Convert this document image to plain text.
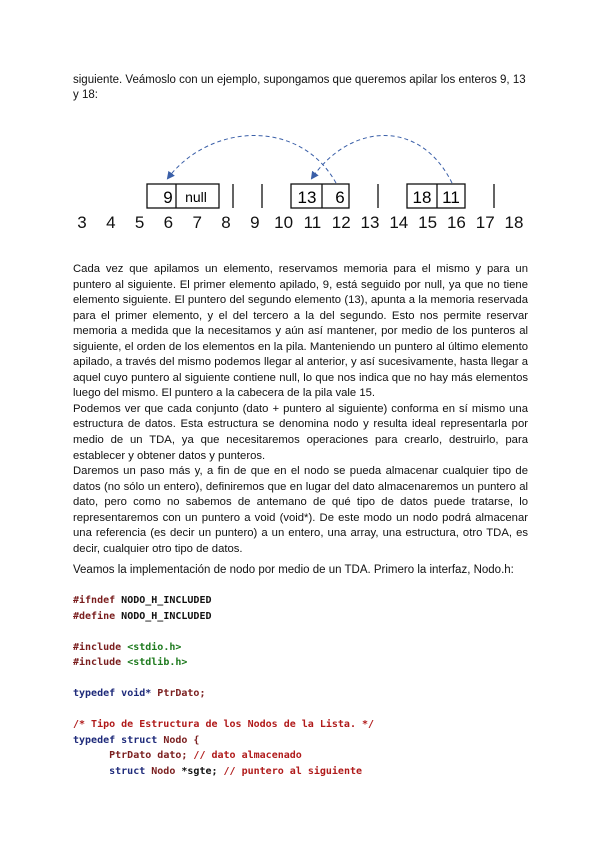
siguiente. Veámoslo con un ejemplo, supongamos que queremos apilar los enteros 9, 13 y 18:

9 null	13 6	18 11
3 4 5 6 7 8 9 10 11 12 13 14 15 16 17 18

Cada vez que apilamos un elemento, reservamos memoria para el mismo y para un puntero al siguiente. El primer elemento apilado, 9, está seguido por null, ya que no tiene elemento siguiente. El puntero del segundo elemento (13), apunta a la memoria reservada para el primer elemento, y el del tercero a la del segundo. Esto nos permite reservar memoria a medida que la necesitamos y aún así mantener, por medio de los punteros al siguiente, el orden de los elementos en la pila. Manteniendo un puntero al último elemento apilado, a través del mismo podemos llegar al anterior, y así sucesivamente, hasta llegar a aquel cuyo puntero al siguiente contiene null, lo que nos indica que no hay más elementos luego del mismo. El puntero a la cabecera de la pila vale 15.

Podemos ver que cada conjunto (dato + puntero al siguiente) conforma en sí mismo una estructura de datos. Esta estructura se denomina nodo y resulta ideal representarla por medio de un TDA, ya que necesitaremos operaciones para crearlo, destruirlo, para establecer y obtener datos y punteros.

Daremos un paso más y, a fin de que en el nodo se pueda almacenar cualquier tipo de datos (no sólo un entero), definiremos que en lugar del dato almacenaremos un puntero al dato, pero como no sabemos de antemano de qué tipo de datos puede tratarse, lo representaremos con un puntero a void (void*). De este modo un nodo podrá almacenar una referencia (es decir un puntero) a un entero, una array, una estructura, otro TDA, es decir, cualquier otro tipo de datos.

Veamos la implementación de nodo por medio de un TDA. Primero la interfaz, Nodo.h:

#ifndef NODO_H_INCLUDED
#define NODO_H_INCLUDED
#include <stdio.h>
#include <stdlib.h>
typedef void* PtrDato;
/* Tipo de Estructura de los Nodos de la Lista. */
typedef struct Nodo {
PtrDato dato; // dato almacenado
struct Nodo *sgte; // puntero al siguiente
